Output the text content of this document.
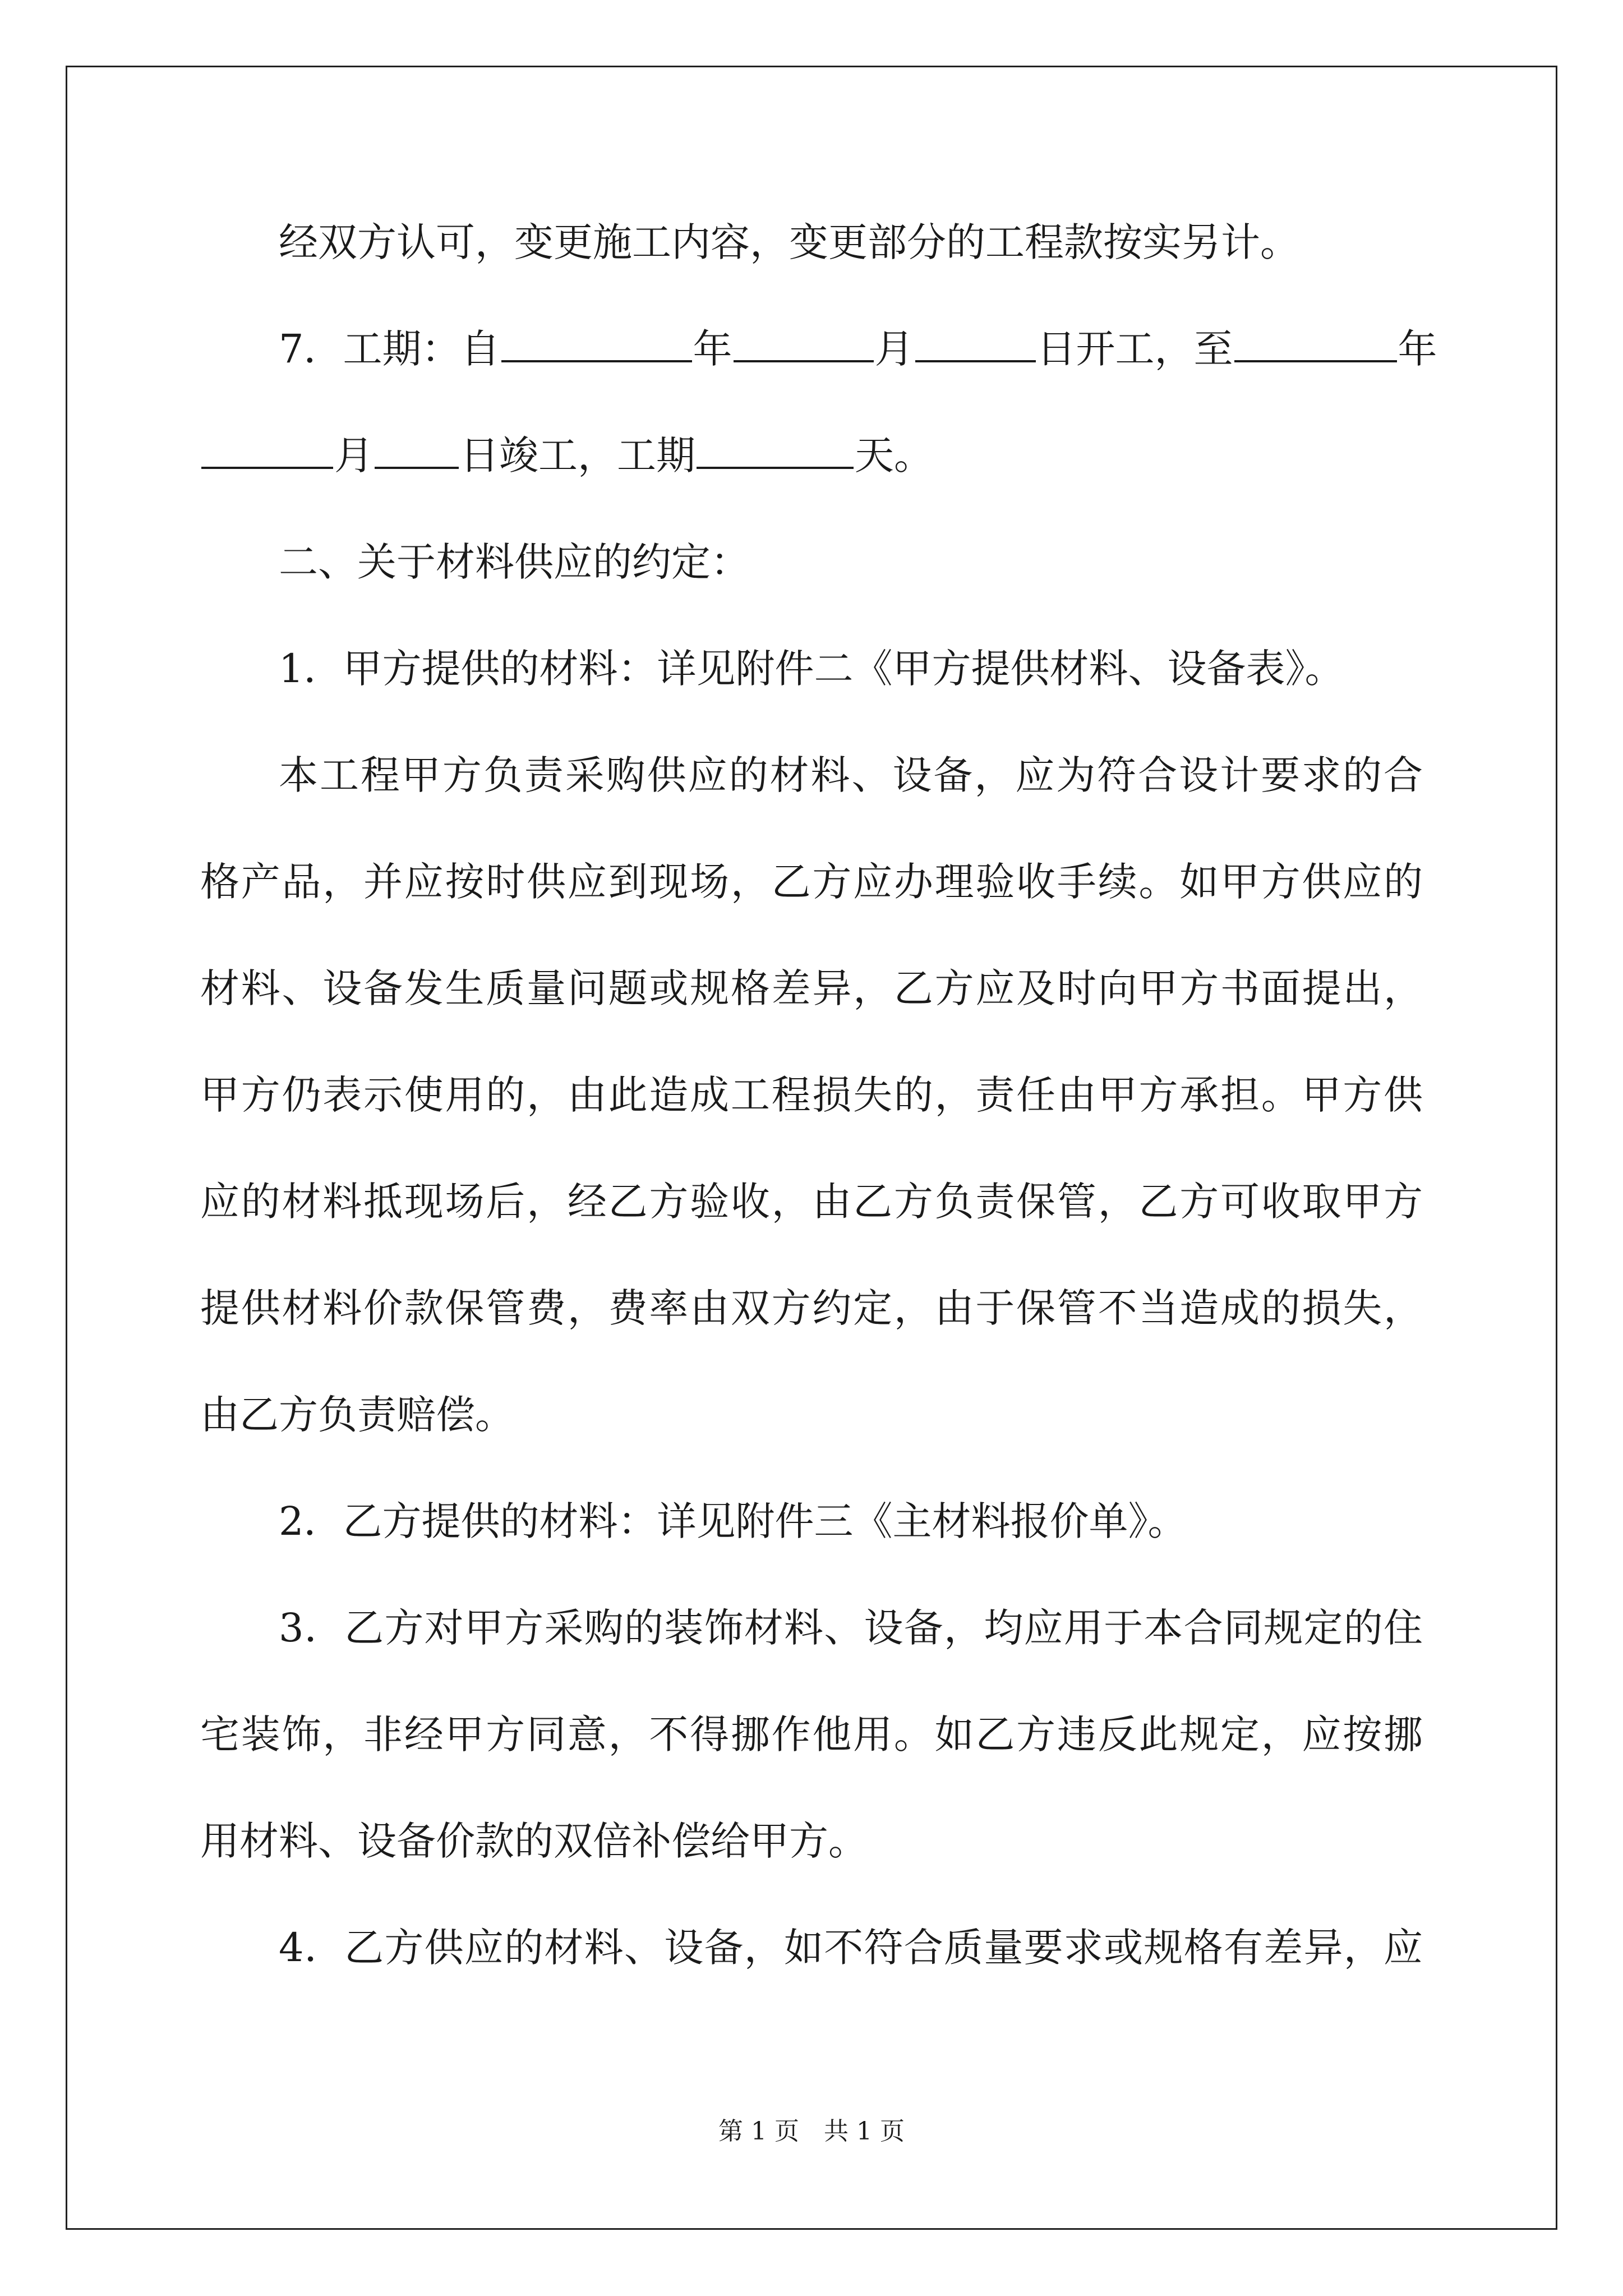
经双方认可，变更施工内容，变更部分的工程款按实另计。
7．工期：自	年	月	日开工，至	年
月 日竣工，工期	天。
二、关于材料供应的约定：
1．甲方提供的材料：详见附件二《甲方提供材料、设备表》。
本工程甲方负责采购供应的材料、设备，应为符合设计要求的合
格产品，并应按时供应到现场，乙方应办理验收手续。如甲方供应的
材料、设备发生质量问题或规格差异，乙方应及时向甲方书面提出，
甲方仍表示使用的，由此造成工程损失的，责任由甲方承担。甲方供
应的材料抵现场后，经乙方验收，由乙方负责保管，乙方可收取甲方
提供材料价款保管费，费率由双方约定，由于保管不当造成的损失，
由乙方负责赔偿。
2．乙方提供的材料：详见附件三《主材料报价单》。
3．乙方对甲方采购的装饰材料、设备，均应用于本合同规定的住
宅装饰，非经甲方同意，不得挪作他用。如乙方违反此规定，应按挪
用材料、设备价款的双倍补偿给甲方。
4．乙方供应的材料、设备，如不符合质量要求或规格有差异，应
第 1 页　共 1 页
